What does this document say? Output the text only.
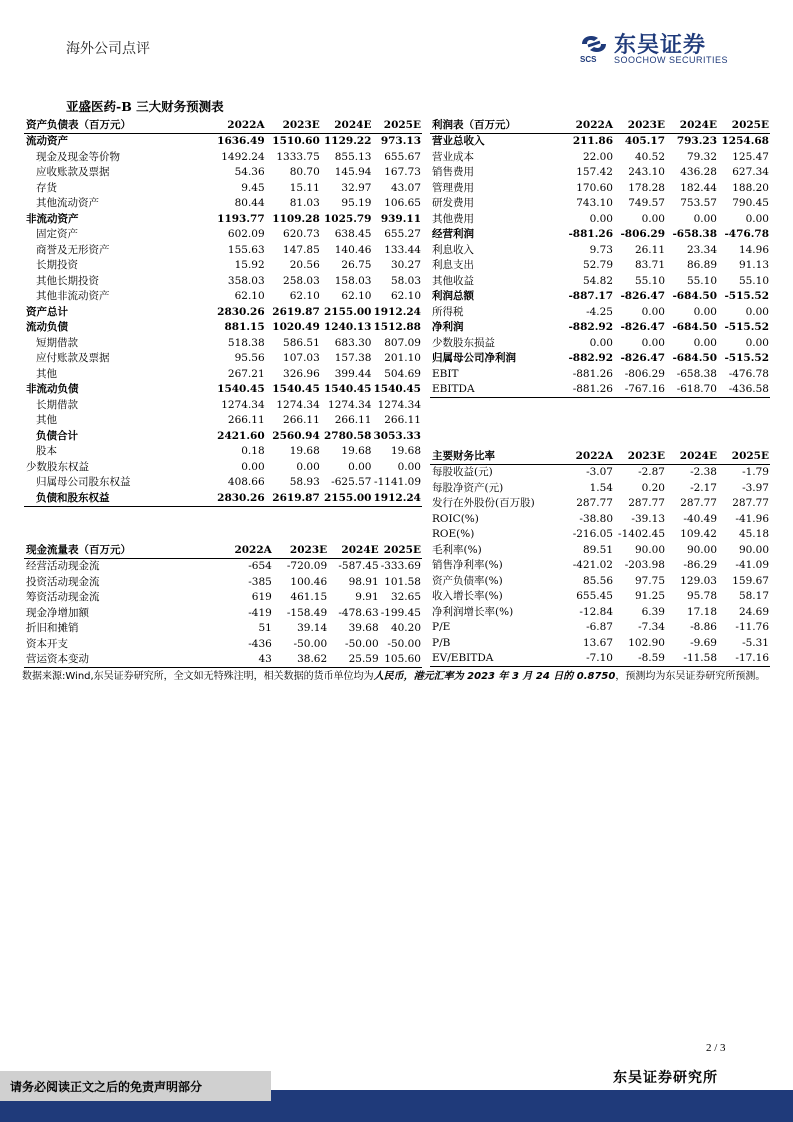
海外公司点评
SCS
东吴证券
SOOCHOW SECURITIES
亚盛医药-B 三大财务预测表
资产负债表（百万元）	2022A	2023E	2024E	2025E
流动资产	1636.49	1510.60	1129.22	973.13
现金及现金等价物	1492.24	1333.75	855.13	655.67
应收账款及票据	54.36	80.70	145.94	167.73
存货	9.45	15.11	32.97	43.07
其他流动资产	80.44	81.03	95.19	106.65
非流动资产	1193.77	1109.28	1025.79	939.11
固定资产	602.09	620.73	638.45	655.27
商誉及无形资产	155.63	147.85	140.46	133.44
长期投资	15.92	20.56	26.75	30.27
其他长期投资	358.03	258.03	158.03	58.03
其他非流动资产	62.10	62.10	62.10	62.10
资产总计	2830.26	2619.87	2155.00	1912.24
流动负债	881.15	1020.49	1240.13	1512.88
短期借款	518.38	586.51	683.30	807.09
应付账款及票据	95.56	107.03	157.38	201.10
其他	267.21	326.96	399.44	504.69
非流动负债	1540.45	1540.45	1540.45	1540.45
长期借款	1274.34	1274.34	1274.34	1274.34
其他	266.11	266.11	266.11	266.11
负债合计	2421.60	2560.94	2780.58	3053.33
股本	0.18	19.68	19.68	19.68
少数股东权益	0.00	0.00	0.00	0.00
归属母公司股东权益	408.66	58.93	-625.57	-1141.09
负债和股东权益	2830.26	2619.87	2155.00	1912.24
利润表（百万元）	2022A	2023E	2024E	2025E
营业总收入	211.86	405.17	793.23	1254.68
营业成本	22.00	40.52	79.32	125.47
销售费用	157.42	243.10	436.28	627.34
管理费用	170.60	178.28	182.44	188.20
研发费用	743.10	749.57	753.57	790.45
其他费用	0.00	0.00	0.00	0.00
经营利润	-881.26	-806.29	-658.38	-476.78
利息收入	9.73	26.11	23.34	14.96
利息支出	52.79	83.71	86.89	91.13
其他收益	54.82	55.10	55.10	55.10
利润总额	-887.17	-826.47	-684.50	-515.52
所得税	-4.25	0.00	0.00	0.00
净利润	-882.92	-826.47	-684.50	-515.52
少数股东损益	0.00	0.00	0.00	0.00
归属母公司净利润	-882.92	-826.47	-684.50	-515.52
EBIT	-881.26	-806.29	-658.38	-476.78
EBITDA	-881.26	-767.16	-618.70	-436.58
主要财务比率	2022A	2023E	2024E	2025E
每股收益(元)	-3.07	-2.87	-2.38	-1.79
每股净资产(元)	1.54	0.20	-2.17	-3.97
发行在外股份(百万股)	287.77	287.77	287.77	287.77
ROIC(%)	-38.80	-39.13	-40.49	-41.96
ROE(%)	-216.05	-1402.45	109.42	45.18
毛利率(%)	89.51	90.00	90.00	90.00
销售净利率(%)	-421.02	-203.98	-86.29	-41.09
资产负债率(%)	85.56	97.75	129.03	159.67
收入增长率(%)	655.45	91.25	95.78	58.17
净利润增长率(%)	-12.84	6.39	17.18	24.69
P/E	-6.87	-7.34	-8.86	-11.76
P/B	13.67	102.90	-9.69	-5.31
EV/EBITDA	-7.10	-8.59	-11.58	-17.16
现金流量表（百万元）	2022A	2023E	2024E	2025E
经营活动现金流	-654	-720.09	-587.45	-333.69
投资活动现金流	-385	100.46	98.91	101.58
筹资活动现金流	619	461.15	9.91	32.65
现金净增加额	-419	-158.49	-478.63	-199.45
折旧和摊销	51	39.14	39.68	40.20
资本开支	-436	-50.00	-50.00	-50.00
营运资本变动	43	38.62	25.59	105.60
数据来源:Wind,东吴证券研究所，全文如无特殊注明，相关数据的货币单位均为人民币，港元汇率为 2023 年 3 月 24 日的 0.8750，预测均为东吴证券研究所预测。
2 / 3
东吴证券研究所
请务必阅读正文之后的免责声明部分
